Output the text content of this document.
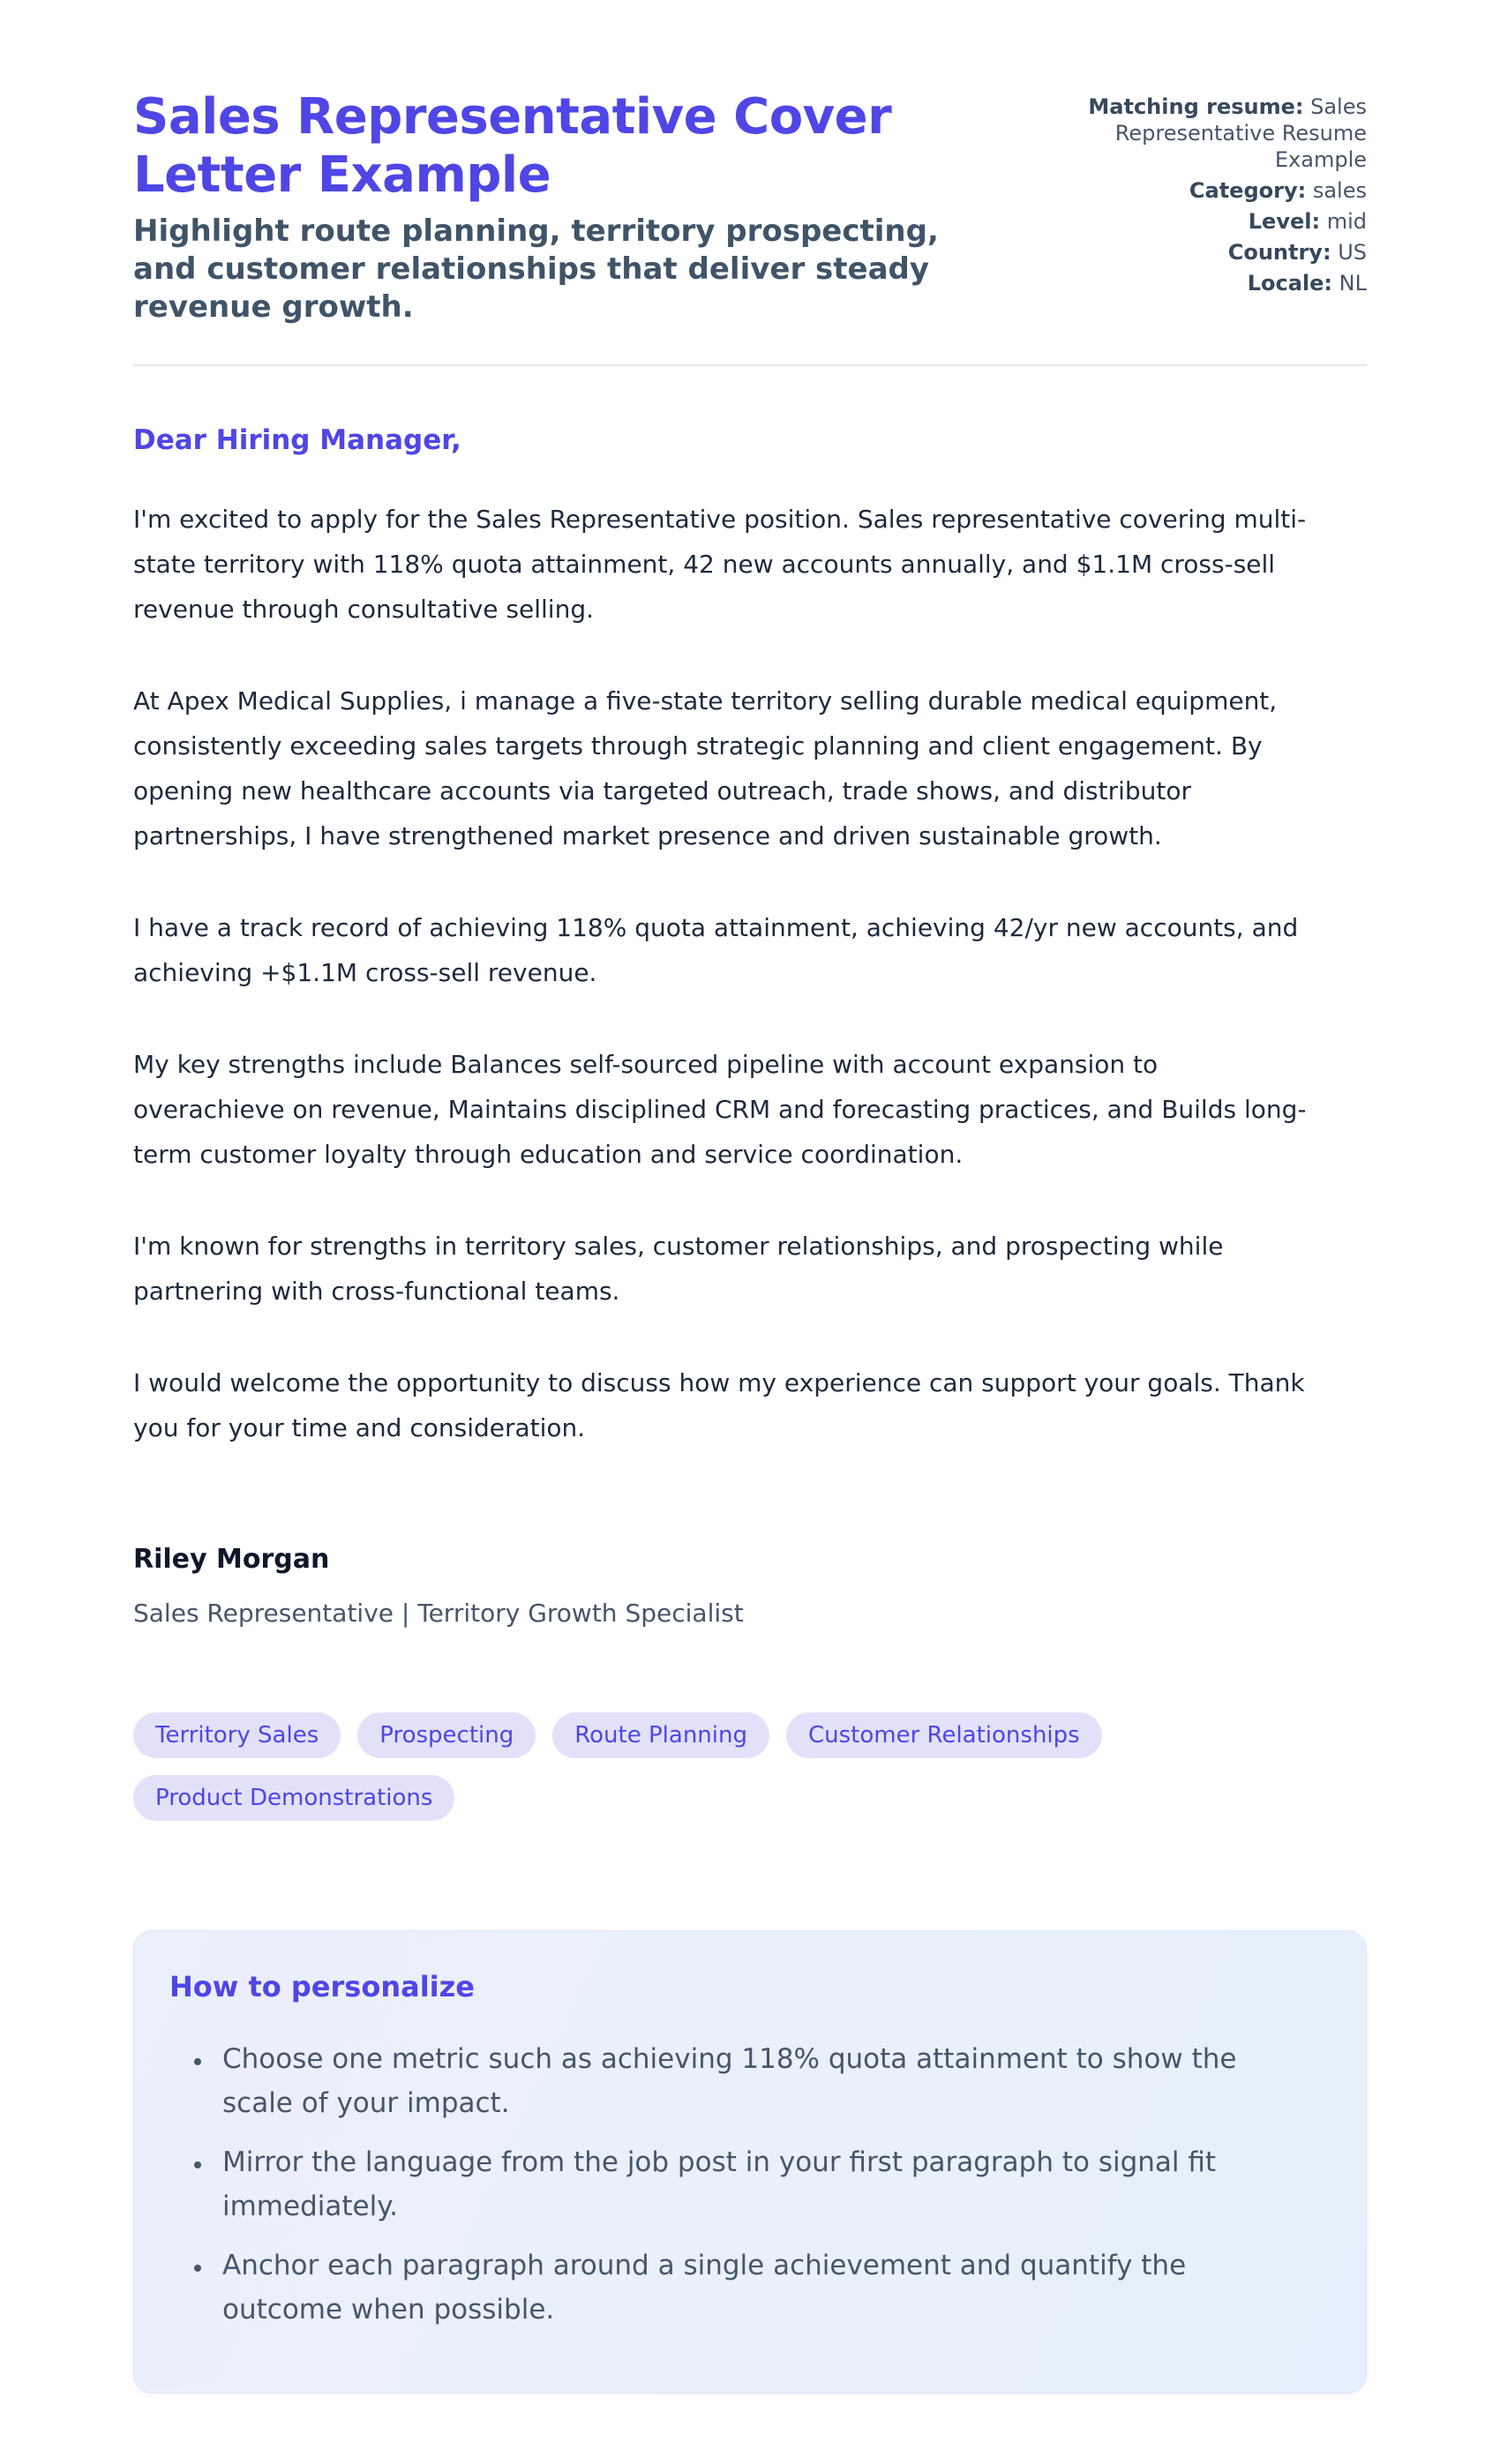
Sales Representative Cover Letter Example
Highlight route planning, territory prospecting, and customer relationships that deliver steady revenue growth.
Matching resume: Sales Representative Resume Example
Category: sales
Level: mid
Country: US
Locale: NL
Dear Hiring Manager,

I'm excited to apply for the Sales Representative position. Sales representative covering multi-state territory with 118% quota attainment, 42 new accounts annually, and $1.1M cross-sell revenue through consultative selling.

At Apex Medical Supplies, i manage a five-state territory selling durable medical equipment, consistently exceeding sales targets through strategic planning and client engagement. By opening new healthcare accounts via targeted outreach, trade shows, and distributor partnerships, I have strengthened market presence and driven sustainable growth.

I have a track record of achieving 118% quota attainment, achieving 42/yr new accounts, and achieving +$1.1M cross-sell revenue.

My key strengths include Balances self-sourced pipeline with account expansion to overachieve on revenue, Maintains disciplined CRM and forecasting practices, and Builds long-term customer loyalty through education and service coordination.

I'm known for strengths in territory sales, customer relationships, and prospecting while partnering with cross-functional teams.

I would welcome the opportunity to discuss how my experience can support your goals. Thank you for your time and consideration.

Riley Morgan
Sales Representative | Territory Growth Specialist
Territory Sales	Prospecting	Route Planning	Customer Relationships
Product Demonstrations
How to personalize
• Choose one metric such as achieving 118% quota attainment to show the scale of your impact.
• Mirror the language from the job post in your first paragraph to signal fit immediately.
• Anchor each paragraph around a single achievement and quantify the outcome when possible.
